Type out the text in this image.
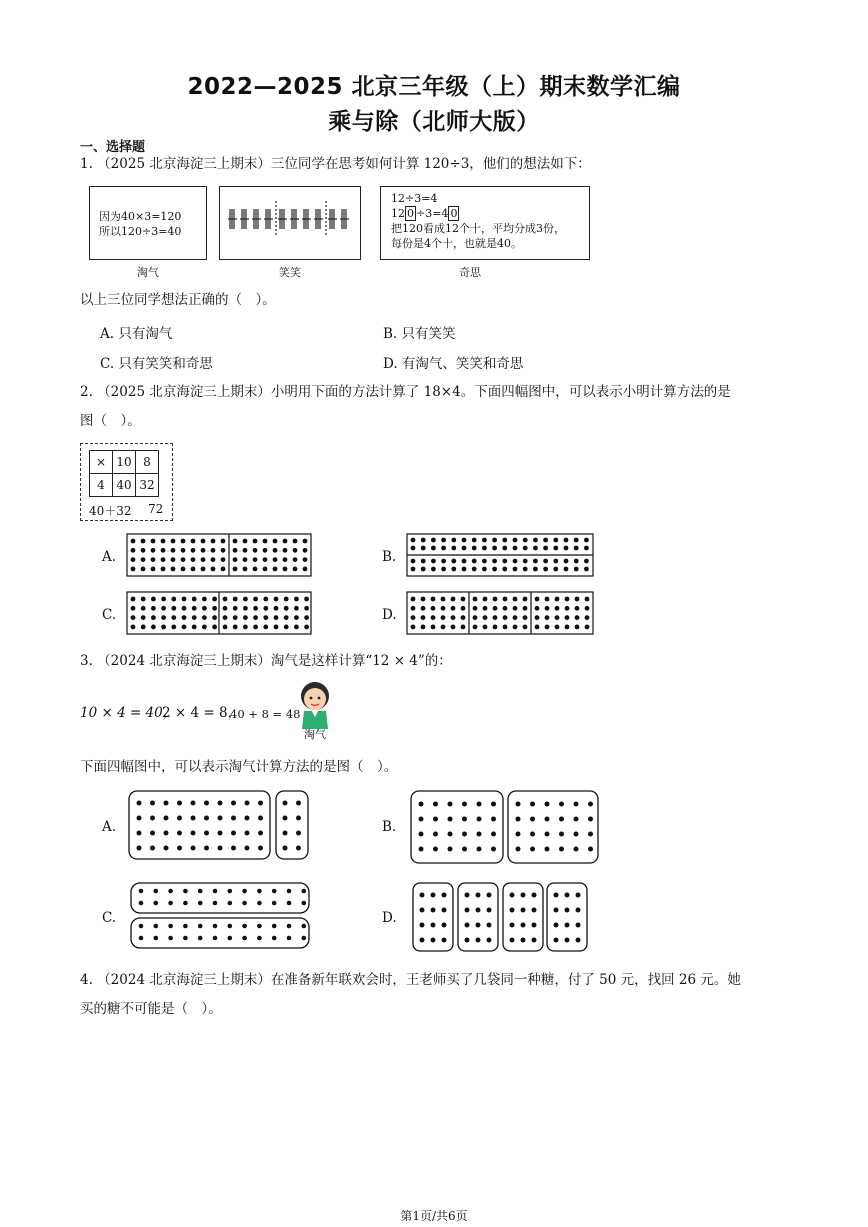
2022—2025 北京三年级（上）期末数学汇编
乘与除（北师大版）
一、选择题
1. （2025 北京海淀三上期末）三位同学在思考如何计算 120÷3，他们的想法如下：
因为40×3=120
所以120÷3=40
淘气	笑笑
12÷3=4
12 0 ÷3=4 0
把120看成12个十，平均分成3份，
每份是4个十，也就是40。
奇思
以上三位同学想法正确的（　）。
A. 只有淘气	B. 只有笑笑
C. 只有笑笑和奇思	D. 有淘气、笑笑和奇思
2. （2025 北京海淀三上期末）小明用下面的方法计算了 18×4。下面四幅图中，可以表示小明计算方法的是
图（　）。
×	10	8
4	40	32
40＋32 72
A.	B.
C.	D.
3. （2024 北京海淀三上期末）淘气是这样计算“12 × 4”的：
10 × 4 = 40，
2 × 4 = 8，
40 + 8 = 48
淘气
下面四幅图中，可以表示淘气计算方法的是图（　）。
A.	B.
C.	D.
4. （2024 北京海淀三上期末）在准备新年联欢会时，王老师买了几袋同一种糖，付了 50 元，找回 26 元。她
买的糖不可能是（　）。
第1页/共6页
